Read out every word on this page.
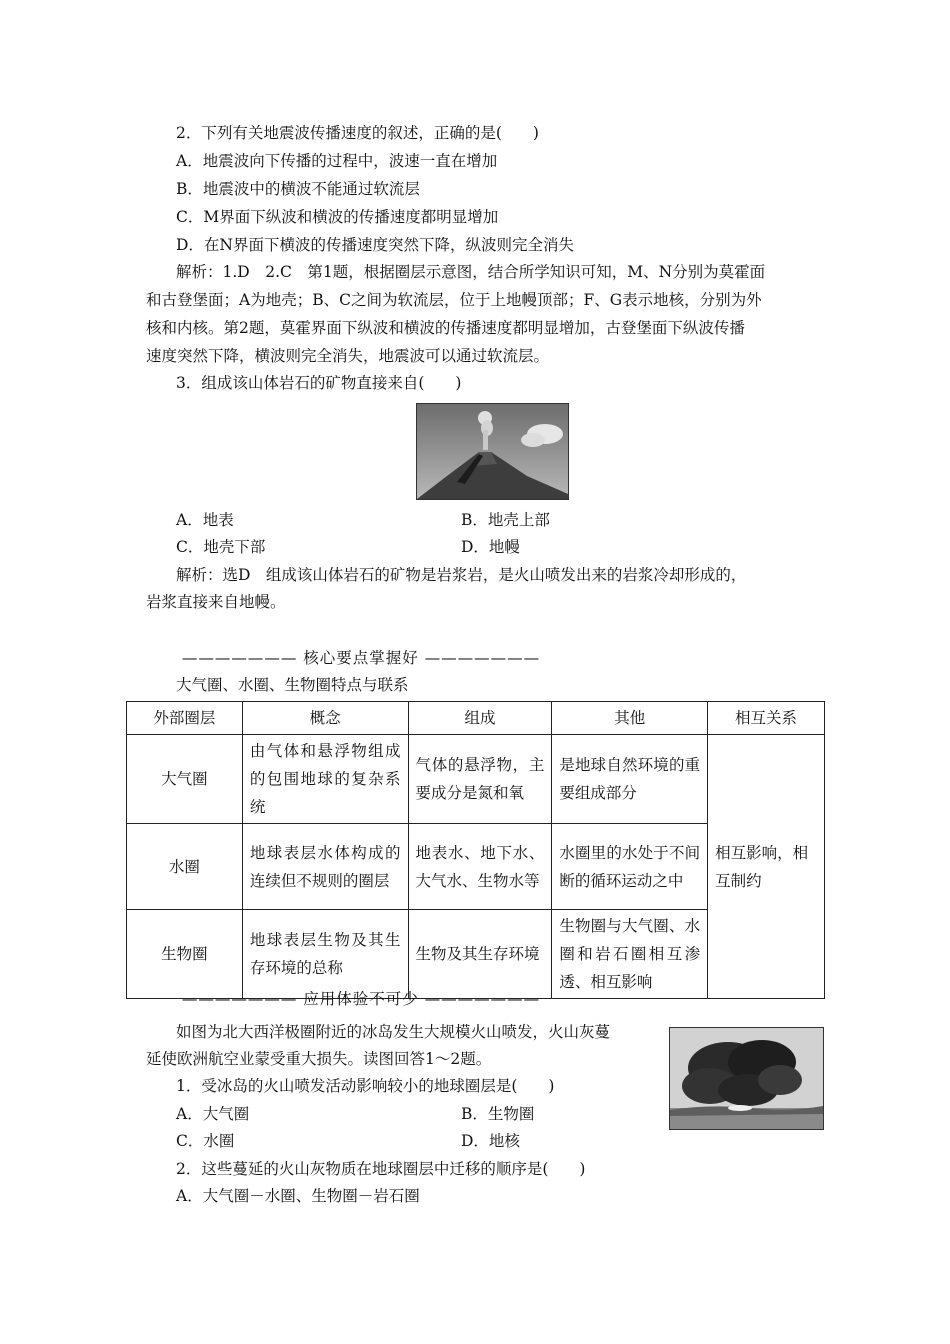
2．下列有关地震波传播速度的叙述，正确的是(　　)
A．地震波向下传播的过程中，波速一直在增加
B．地震波中的横波不能通过软流层
C．M界面下纵波和横波的传播速度都明显增加
D．在N界面下横波的传播速度突然下降，纵波则完全消失
解析：1.D　2.C　第1题，根据圈层示意图，结合所学知识可知，M、N分别为莫霍面
和古登堡面；A为地壳；B、C之间为软流层，位于上地幔顶部；F、G表示地核，分别为外
核和内核。第2题，莫霍界面下纵波和横波的传播速度都明显增加，古登堡面下纵波传播
速度突然下降，横波则完全消失，地震波可以通过软流层。
3．组成该山体岩石的矿物直接来自(　　)
A．地表	B．地壳上部
C．地壳下部	D．地幔
解析：选D　组成该山体岩石的矿物是岩浆岩，是火山喷发出来的岩浆冷却形成的，
岩浆直接来自地幔。
——————— 核心要点掌握好 ———————
大气圈、水圈、生物圈特点与联系
外部圈层	概念	组成	其他	相互关系
大气圈	由气体和悬浮物组成的包围地球的复杂系统	气体的悬浮物，主要成分是氮和氧	是地球自然环境的重要组成部分	相互影响，相互制约
水圈	地球表层水体构成的连续但不规则的圈层	地表水、地下水、大气水、生物水等	水圈里的水处于不间断的循环运动之中	
生物圈	地球表层生物及其生存环境的总称	生物及其生存环境	生物圈与大气圈、水圈和岩石圈相互渗透、相互影响	
——————— 应用体验不可少 ———————
如图为北大西洋极圈附近的冰岛发生大规模火山喷发，火山灰蔓
延使欧洲航空业蒙受重大损失。读图回答1～2题。
1．受冰岛的火山喷发活动影响较小的地球圈层是(　　)
A．大气圈	B．生物圈
C．水圈	D．地核
2．这些蔓延的火山灰物质在地球圈层中迁移的顺序是(　　)
A．大气圈－水圈、生物圈－岩石圈
